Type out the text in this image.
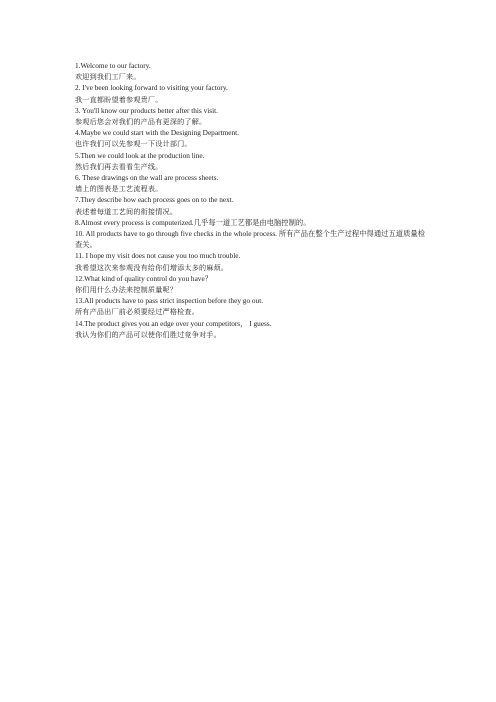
1.Welcome to our factory.
欢迎到我们工厂来。
2. I've been looking forward to visiting your factory.
我一直都盼望着参观贵厂。
3. You'll know our products better after this visit.
参观后您会对我们的产品有更深的了解。
4.Maybe we could start with the Designing Department.
也许我们可以先参观一下设计部门。
5.Then we could look at the production line.
然后我们再去看看生产线。
6. These drawings on the wall are process sheets.
墙上的图表是工艺流程表。
7.They describe how each process goes on to the next.
表述着每道工艺间的衔接情况。
8.Almost every process is computerized.几乎每一道工艺都是由电脑控制的。
10. All products have to go through five checks in the whole process. 所有产品在整个生产过程中得通过五道质量检查关。
11. I hope my visit does not cause you too much trouble.
我希望这次来参观没有给你们增添太多的麻烦。
12.What kind of quality control do you have？
你们用什么办法来控制质量呢？
13.All products have to pass strict inspection before they go out.
所有产品出厂前必须要经过严格检查。
14.The product gives you an edge over your competitors， I guess.
我认为你们的产品可以使你们胜过竞争对手。
